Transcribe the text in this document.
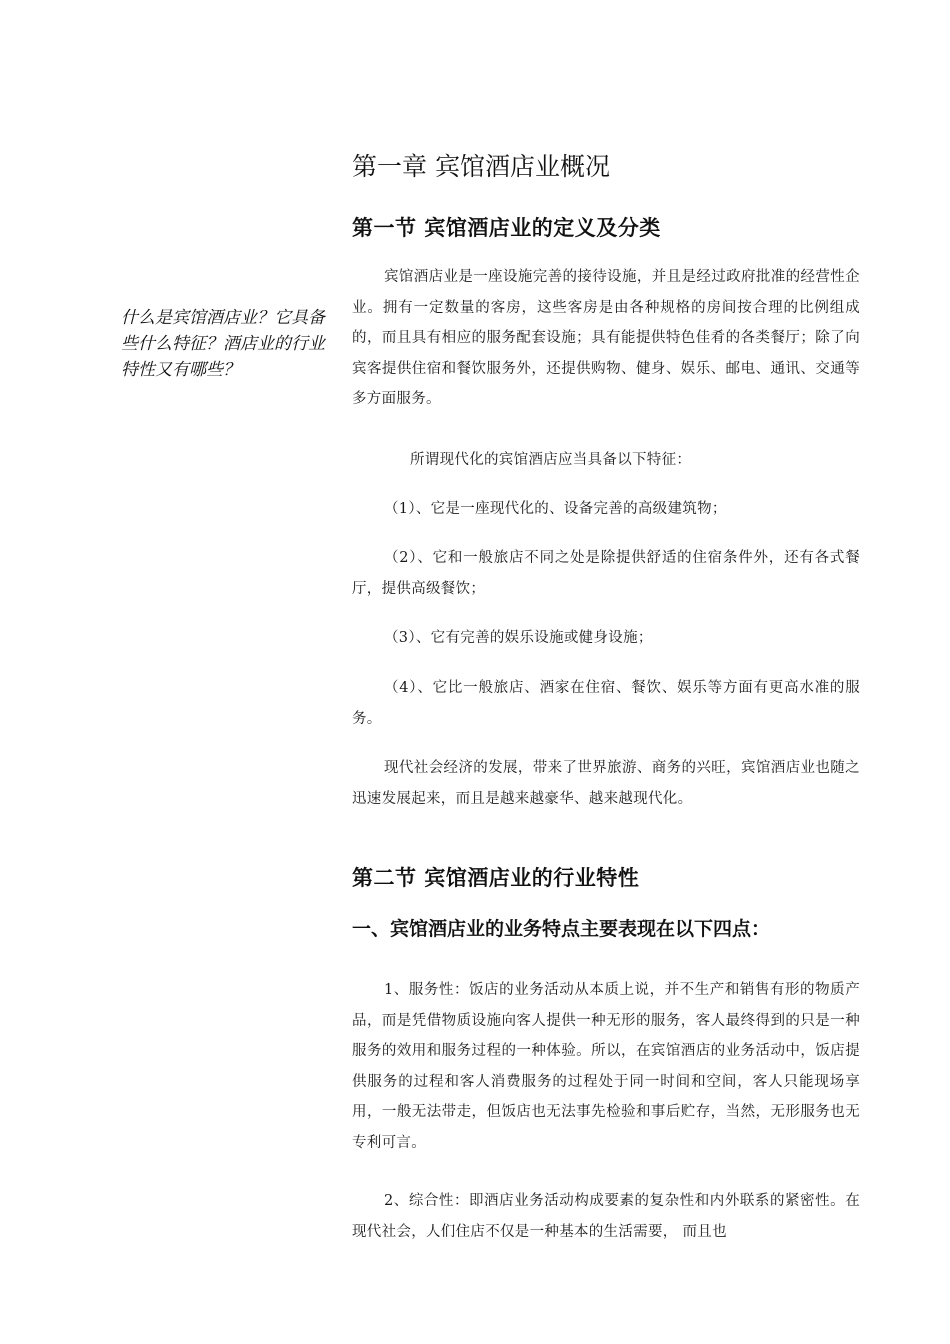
什么是宾馆酒店业？它具备些什么特征？酒店业的行业特性又有哪些？
第一章 宾馆酒店业概况
第一节 宾馆酒店业的定义及分类
宾馆酒店业是一座设施完善的接待设施，并且是经过政府批准的经营性企业。拥有一定数量的客房，这些客房是由各种规格的房间按合理的比例组成的，而且具有相应的服务配套设施；具有能提供特色佳肴的各类餐厅；除了向宾客提供住宿和餐饮服务外，还提供购物、健身、娱乐、邮电、通讯、交通等多方面服务。
所谓现代化的宾馆酒店应当具备以下特征：
（1）、它是一座现代化的、设备完善的高级建筑物；
（2）、它和一般旅店不同之处是除提供舒适的住宿条件外，还有各式餐厅，提供高级餐饮；
（3）、它有完善的娱乐设施或健身设施；
（4）、它比一般旅店、酒家在住宿、餐饮、娱乐等方面有更高水准的服务。
现代社会经济的发展，带来了世界旅游、商务的兴旺，宾馆酒店业也随之迅速发展起来，而且是越来越豪华、越来越现代化。
第二节 宾馆酒店业的行业特性
一、宾馆酒店业的业务特点主要表现在以下四点：
1、服务性：饭店的业务活动从本质上说，并不生产和销售有形的物质产品，而是凭借物质设施向客人提供一种无形的服务，客人最终得到的只是一种服务的效用和服务过程的一种体验。所以，在宾馆酒店的业务活动中，饭店提供服务的过程和客人消费服务的过程处于同一时间和空间，客人只能现场享用，一般无法带走，但饭店也无法事先检验和事后贮存，当然，无形服务也无专利可言。
2、综合性：即酒店业务活动构成要素的复杂性和内外联系的紧密性。在现代社会，人们住店不仅是一种基本的生活需要， 而且也
